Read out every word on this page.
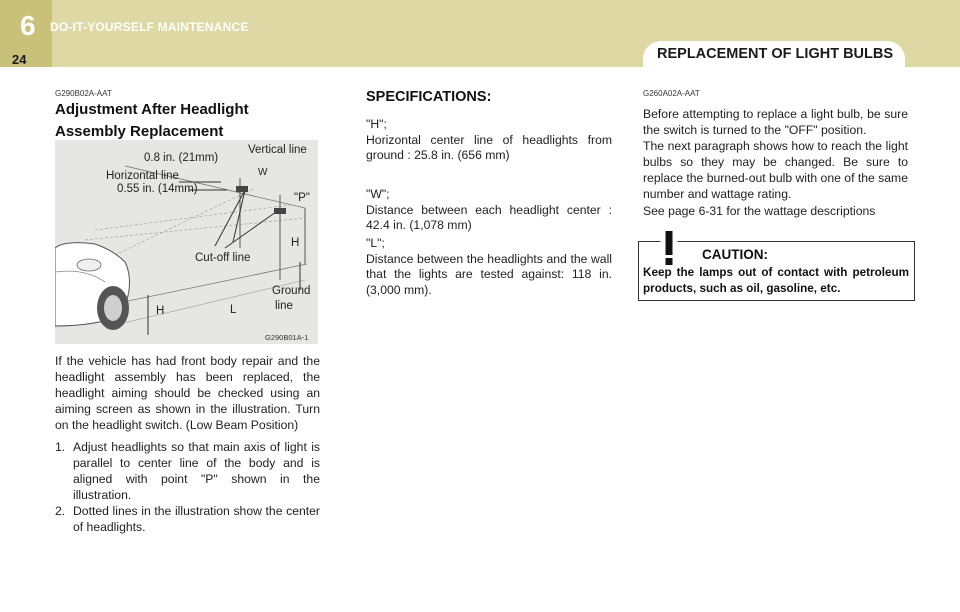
6 DO-IT-YOURSELF MAINTENANCE
24	REPLACEMENT OF LIGHT BULBS
G290B02A-AAT
Adjustment After Headlight Assembly Replacement
0.8 in. (21mm)
Vertical line
Horizontal line
0.55 in. (14mm)
W
"P"
H
Cut-off line
Ground
line
H	L
G290B01A-1

If the vehicle has had front body repair and the headlight assembly has been replaced, the headlight aiming should be checked using an aiming screen as shown in the illustration. Turn on the headlight switch. (Low Beam Position)

1. Adjust headlights so that main axis of light is parallel to center line of the body and is aligned with point "P" shown in the illustration.
2. Dotted lines in the illustration show the center of headlights.
SPECIFICATIONS:
"H";
Horizontal center line of headlights from ground : 25.8 in. (656 mm)
"W";
Distance between each headlight center : 42.4 in. (1,078 mm)
"L";
Distance between the headlights and the wall that the lights are tested against: 118 in. (3,000 mm).
G260A02A-AAT
Before attempting to replace a light bulb, be sure the switch is turned to the "OFF" position.
The next paragraph shows how to reach the light bulbs so they may be changed. Be sure to replace the burned-out bulb with one of the same number and wattage rating.
See page 6-31 for the wattage descriptions
CAUTION:
Keep the lamps out of contact with petroleum products, such as oil, gasoline, etc.
